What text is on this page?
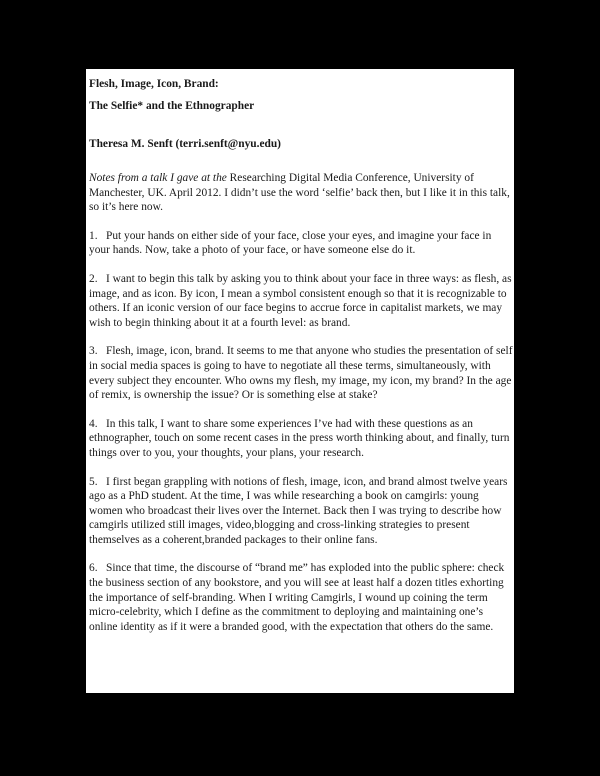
Flesh, Image, Icon, Brand:
The Selfie* and the Ethnographer
Theresa M. Senft (terri.senft@nyu.edu)

Notes from a talk I gave at the Researching Digital Media Conference, University of Manchester, UK. April 2012. I didn’t use the word ‘selfie’ back then, but I like it in this talk, so it’s here now.

1. Put your hands on either side of your face, close your eyes, and imagine your face in your hands. Now, take a photo of your face, or have someone else do it.

2. I want to begin this talk by asking you to think about your face in three ways: as flesh, as image, and as icon. By icon, I mean a symbol consistent enough so that it is recognizable to others. If an iconic version of our face begins to accrue force in capitalist markets, we may wish to begin thinking about it at a fourth level: as brand.

3. Flesh, image, icon, brand. It seems to me that anyone who studies the presentation of self in social media spaces is going to have to negotiate all these terms, simultaneously, with every subject they encounter. Who owns my flesh, my image, my icon, my brand? In the age of remix, is ownership the issue? Or is something else at stake?

4. In this talk, I want to share some experiences I’ve had with these questions as an ethnographer, touch on some recent cases in the press worth thinking about, and finally, turn things over to you, your thoughts, your plans, your research.

5. I first began grappling with notions of flesh, image, icon, and brand almost twelve years ago as a PhD student. At the time, I was while researching a book on camgirls: young women who broadcast their lives over the Internet. Back then I was trying to describe how camgirls utilized still images, video,blogging and cross-linking strategies to present themselves as a coherent,branded packages to their online fans.

6. Since that time, the discourse of “brand me” has exploded into the public sphere: check the business section of any bookstore, and you will see at least half a dozen titles exhorting the importance of self-branding. When I writing Camgirls, I wound up coining the term micro-celebrity, which I define as the commitment to deploying and maintaining one’s online identity as if it were a branded good, with the expectation that others do the same.
